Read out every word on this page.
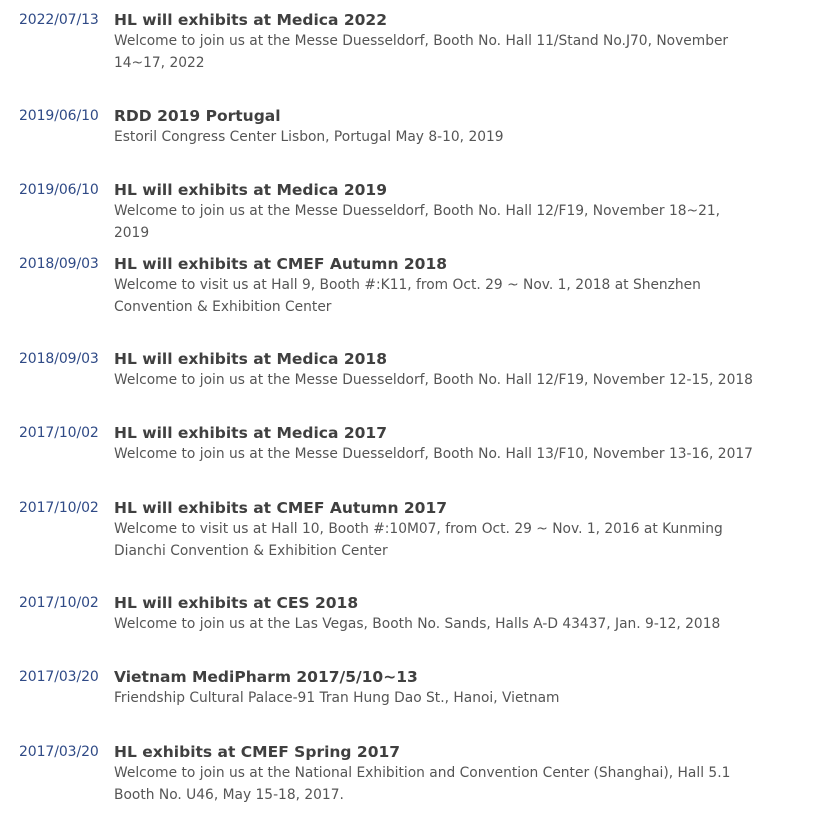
2022/07/13 HL will exhibits at Medica 2022
Welcome to join us at the Messe Duesseldorf, Booth No. Hall 11/Stand No.J70, November 14~17, 2022
2019/06/10 RDD 2019 Portugal
Estoril Congress Center Lisbon, Portugal May 8-10, 2019
2019/06/10 HL will exhibits at Medica 2019
Welcome to join us at the Messe Duesseldorf, Booth No. Hall 12/F19, November 18~21, 2019
2018/09/03 HL will exhibits at CMEF Autumn 2018
Welcome to visit us at Hall 9, Booth #:K11, from Oct. 29 ~ Nov. 1, 2018 at Shenzhen Convention & Exhibition Center
2018/09/03 HL will exhibits at Medica 2018
Welcome to join us at the Messe Duesseldorf, Booth No. Hall 12/F19, November 12-15, 2018
2017/10/02 HL will exhibits at Medica 2017
Welcome to join us at the Messe Duesseldorf, Booth No. Hall 13/F10, November 13-16, 2017
2017/10/02 HL will exhibits at CMEF Autumn 2017
Welcome to visit us at Hall 10, Booth #:10M07, from Oct. 29 ~ Nov. 1, 2016 at Kunming Dianchi Convention & Exhibition Center
2017/10/02 HL will exhibits at CES 2018
Welcome to join us at the Las Vegas, Booth No. Sands, Halls A-D 43437, Jan. 9-12, 2018
2017/03/20 Vietnam MediPharm 2017/5/10~13
Friendship Cultural Palace-91 Tran Hung Dao St., Hanoi, Vietnam
2017/03/20 HL exhibits at CMEF Spring 2017
Welcome to join us at the National Exhibition and Convention Center (Shanghai), Hall 5.1 Booth No. U46, May 15-18, 2017.
